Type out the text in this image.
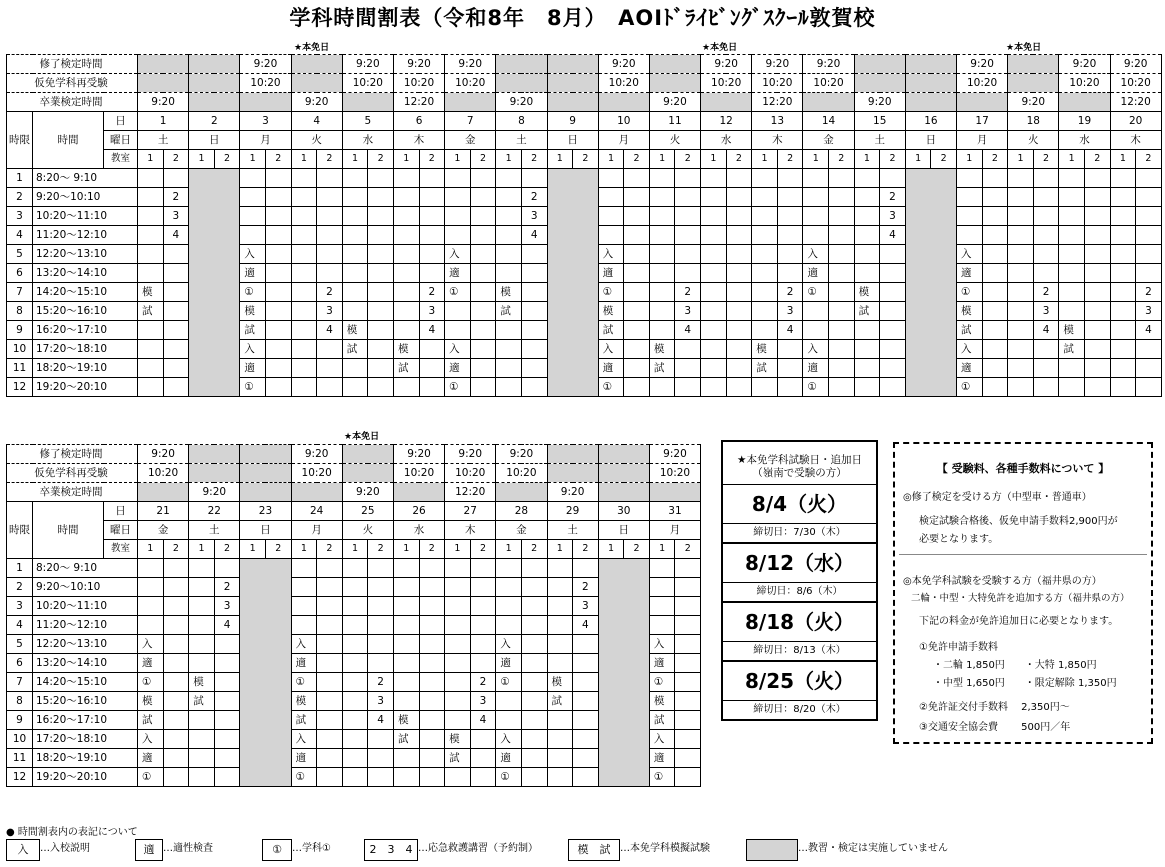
学科時間割表（令和8年　8月）　AOIﾄﾞﾗｲﾋﾞﾝｸﾞｽｸｰﾙ敦賀校
★本免日	★本免日	★本免日
★本免日
修了検定時間							9:20				9:20		9:20		9:20						9:20				9:20		9:20		9:20						9:20				9:20		9:20	
仮免学科再受験							10:20				10:20		10:20		10:20						10:20				10:20		10:20		10:20						10:20				10:20		10:20	
卒業検定時間			9:20						9:20				12:20				9:20						9:20				12:20				9:20						9:20				12:20	
時限	時間	日	1		2		3		4		5		6		7		8		9		10		11		12		13		14		15		16		17		18		19		20	
		曜日	土		日		月		火		水		木		金		土		日		月		火		水		木		金		土		日		月		火		水		木	
		教室	1	2	1	2	1	2	1	2	1	2	1	2	1	2	1	2	1	2	1	2	1	2	1	2	1	2	1	2	1	2	1	2	1	2	1	2	1	2	1	2
1	8:20～ 9:10																																									
2	9:20～10:10			2														2														2										
3	10:20～11:10			3														3														3										
4	11:20～12:10			4														4														4										
5	12:20～13:10						入								入						入								入						入							
6	13:20～14:10						適								適						適								適						適							
7	14:20～15:10		模				①			2				2	①		模				①			2				2	①		模				①			2				2
8	15:20～16:10		試				模			3				3			試				模			3				3			試				模			3				3
9	16:20～17:10						試			4	模			4							試			4				4							試			4	模			4
10	17:20～18:10						入				試		模		入						入		模				模		入						入				試			
11	18:20～19:10						適						試		適						適		試				試		適						適							
12	19:20～20:10						①								①						①								①						①							
修了検定時間			9:20						9:20				9:20		9:20		9:20						9:20	
仮免学科再受験			10:20						10:20				10:20		10:20		10:20						10:20	
卒業検定時間					9:20						9:20				12:20				9:20					
時限	時間	日	21		22		23		24		25		26		27		28		29		30		31	
		曜日	金		土		日		月		火		水		木		金		土		日		月	
		教室	1	2	1	2	1	2	1	2	1	2	1	2	1	2	1	2	1	2	1	2	1	2
1	8:20～ 9:10																							
2	9:20～10:10					2														2				
3	10:20～11:10					3														3				
4	11:20～12:10					4														4				
5	12:20～13:10		入						入								入						入	
6	13:20～14:10		適						適								適						適	
7	14:20～15:10		①		模				①			2				2	①		模				①	
8	15:20～16:10		模		試				模			3				3			試				模	
9	16:20～17:10		試						試			4	模			4							試	
10	17:20～18:10		入						入				試		模		入						入	
11	18:20～19:10		適						適						試		適						適	
12	19:20～20:10		①						①								①						①	
★本免学科試験日・追加日
（嶺南で受験の方）
8/4（火）
締切日：7/30（木）
8/12（水）
締切日：8/6（木）
8/18（火）
締切日：8/13（木）
8/25（火）
締切日：8/20（木）
【 受験料、各種手数料について 】
◎修了検定を受ける方（中型車・普通車）
検定試験合格後、仮免申請手数料2,900円が
必要となります。
◎本免学科試験を受験する方（福井県の方）
二輪・中型・大特免許を追加する方（福井県の方）
下記の料金が免許追加日に必要となります。
①免許申請手数料
・二輪 1,850円　　・大特 1,850円
・中型 1,650円　　・限定解除 1,350円
②免許証交付手数料　 2,350円～
③交通安全協会費　　 500円／年
● 時間割表内の表記について
入	…入校説明	適 …適性検査	①	…学科①	2　3　4 …応急救護講習（予約制）	模　試 …本免学科模擬試験	…教習・検定は実施していません
